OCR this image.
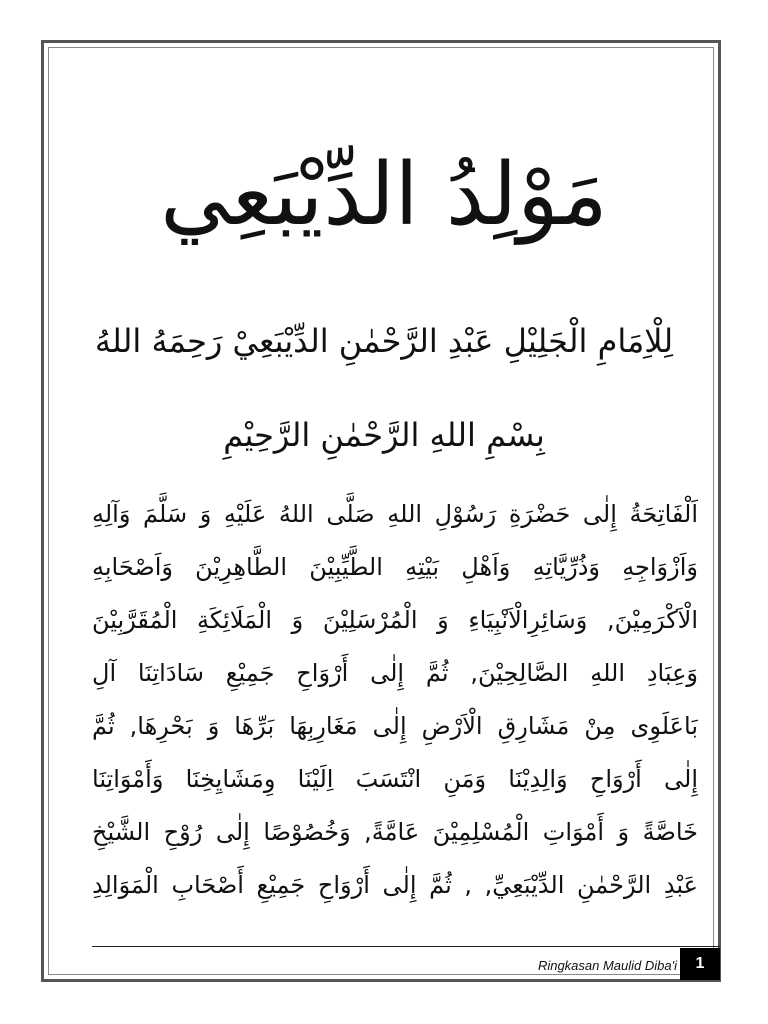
مَوْلِدُ الدِّيْبَعِي
لِلْاِمَامِ الْجَلِيْلِ عَبْدِ الرَّحْمٰنِ الدِّيْبَعِيْ رَحِمَهُ اللهُ
بِسْمِ اللهِ الرَّحْمٰنِ الرَّحِيْمِ
اَلْفَاتِحَةُ إِلٰى حَضْرَةِ رَسُوْلِ اللهِ صَلَّى اللهُ عَلَيْهِ وَ سَلَّمَ وَآلِهِ
وَاَزْوَاجِهِ وَذُرِّيَّاتِهِ وَاَهْلِ بَيْتِهِ الطَّيِّبِيْنَ الطَّاهِرِيْنَ وَاَصْحَابِهِ
الْاَكْرَمِيْنَ, وَسَائِرِالْاَنْبِيَاءِ وَ الْمُرْسَلِيْنَ وَ الْمَلَائِكَةِ الْمُقَرَّبِيْنَ
وَعِبَادِ اللهِ الصَّالِحِيْنَ, ثُمَّ إِلٰى أَرْوَاحِ جَمِيْعِ سَادَاتِنَا آلِ
بَاعَلَوِى مِنْ مَشَارِقِ الْاَرْضِ إِلٰى مَغَارِبِهَا بَرِّهَا وَ بَحْرِهَا, ثُمَّ
إِلٰى أَرْوَاحِ وَالِدِيْنَا وَمَنِ انْتَسَبَ اِلَيْنَا وِمَشَايِخِنَا وَأَمْوَاتِنَا
خَاصَّةً وَ أَمْوَاتِ الْمُسْلِمِيْنَ عَامَّةً, وَخُصُوْصًا إِلٰى رُوْحِ الشَّيْخِ
عَبْدِ الرَّحْمٰنِ الدِّيْبَعِيِّ, , ثُمَّ إِلٰى أَرْوَاحِ جَمِيْعِ أَصْحَابِ الْمَوَالِدِ
Ringkasan Maulid Diba'i	1
